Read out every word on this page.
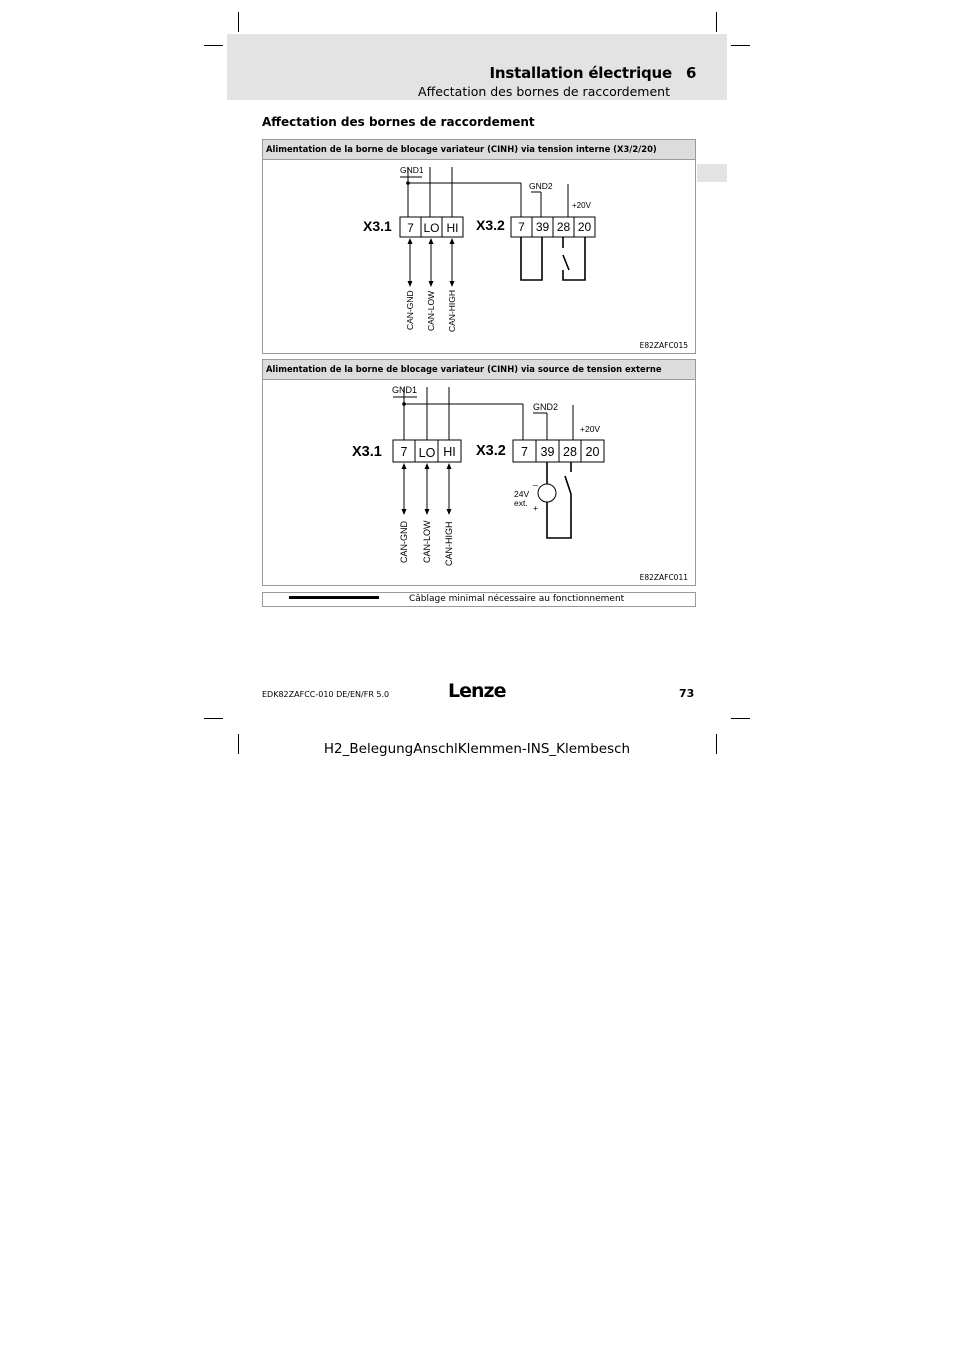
Installation électrique 6
Affectation des bornes de raccordement
Affectation des bornes de raccordement
Alimentation de la borne de blocage variateur (CINH) via tension interne (X3/2/20)
GND1
GND2
+20V
X3.1	X3.2
7 LO HI	7 39 28 20
CAN-GND CAN-LOW CAN-HIGH
E82ZAFC015
Alimentation de la borne de blocage variateur (CINH) via source de tension externe
GND1
GND2
+20V
X3.1	X3.2
7 LO HI	7 39 28 20
24V
ext.
_
+
CAN-GND CAN-LOW CAN-HIGH
E82ZAFC011
Câblage minimal nécessaire au fonctionnement
EDK82ZAFCC-010 DE/EN/FR 5.0	Lenze	73
H2_BelegungAnschlKlemmen-INS_Klembesch
